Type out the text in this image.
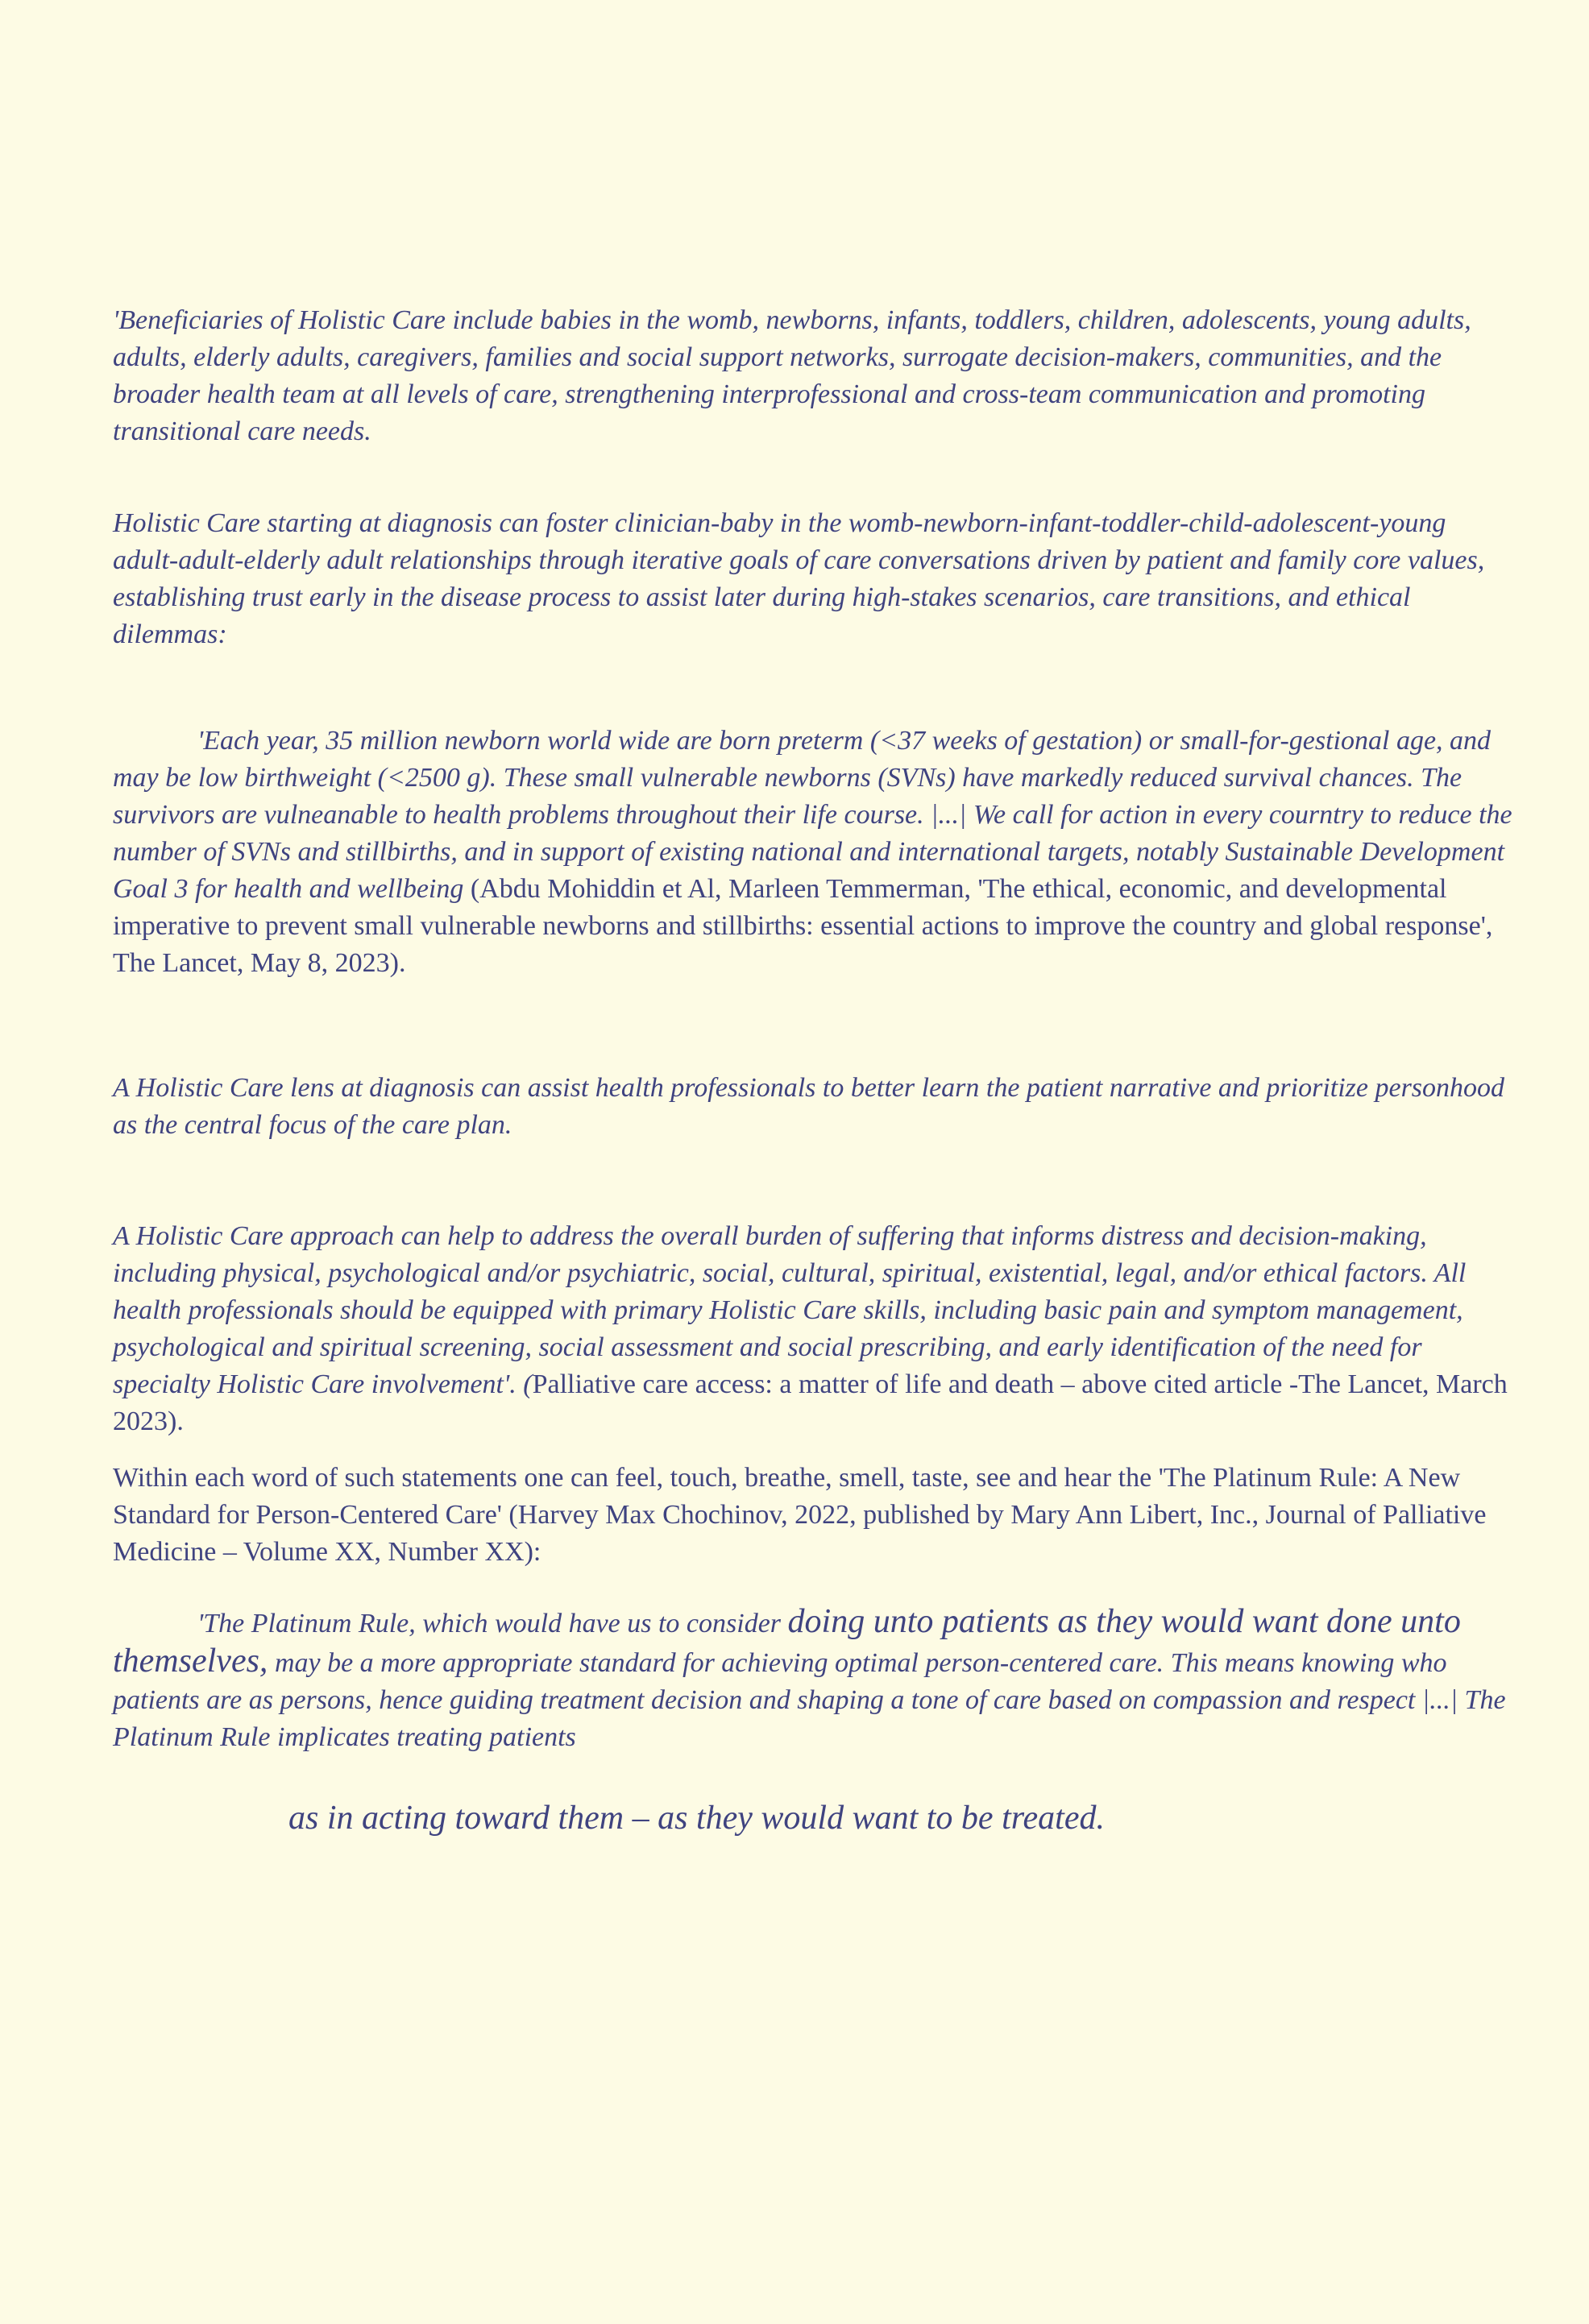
'Beneficiaries of Holistic Care include babies in the womb, newborns, infants, toddlers, children, adolescents, young adults, adults, elderly adults, caregivers, families and social support networks, surrogate decision-makers, communities, and the broader health team at all levels of care, strengthening interprofessional and cross-team communication and promoting transitional care needs.

Holistic Care starting at diagnosis can foster clinician-baby in the womb-newborn-infant-toddler-child-adolescent-young adult-adult-elderly adult relationships through iterative goals of care conversations driven by patient and family core values, establishing trust early in the disease process to assist later during high-stakes scenarios, care transitions, and ethical dilemmas:

'Each year, 35 million newborn world wide are born preterm (<37 weeks of gestation) or small-for-gestional age, and may be low birthweight (<2500 g). These small vulnerable newborns (SVNs) have markedly reduced survival chances. The survivors are vulneanable to health problems throughout their life course. |...| We call for action in every courntry to reduce the number of SVNs and stillbirths, and in support of existing national and international targets, notably Sustainable Development Goal 3 for health and wellbeing (Abdu Mohiddin et Al, Marleen Temmerman, 'The ethical, economic, and developmental imperative to prevent small vulnerable newborns and stillbirths: essential actions to improve the country and global response', The Lancet, May 8, 2023).

A Holistic Care lens at diagnosis can assist health professionals to better learn the patient narrative and prioritize personhood as the central focus of the care plan.

A Holistic Care approach can help to address the overall burden of suffering that informs distress and decision-making, including physical, psychological and/or psychiatric, social, cultural, spiritual, existential, legal, and/or ethical factors. All health professionals should be equipped with primary Holistic Care skills, including basic pain and symptom management, psychological and spiritual screening, social assessment and social prescribing, and early identification of the need for specialty Holistic Care involvement'. (Palliative care access: a matter of life and death – above cited article -The Lancet, March 2023).

Within each word of such statements one can feel, touch, breathe, smell, taste, see and hear the 'The Platinum Rule: A New Standard for Person-Centered Care' (Harvey Max Chochinov, 2022, published by Mary Ann Libert, Inc., Journal of Palliative Medicine – Volume XX, Number XX):

'The Platinum Rule, which would have us to consider doing unto patients as they would want done unto themselves, may be a more appropriate standard for achieving optimal person-centered care. This means knowing who patients are as persons, hence guiding treatment decision and shaping a tone of care based on compassion and respect |...| The Platinum Rule implicates treating patients

as in acting toward them – as they would want to be treated.
